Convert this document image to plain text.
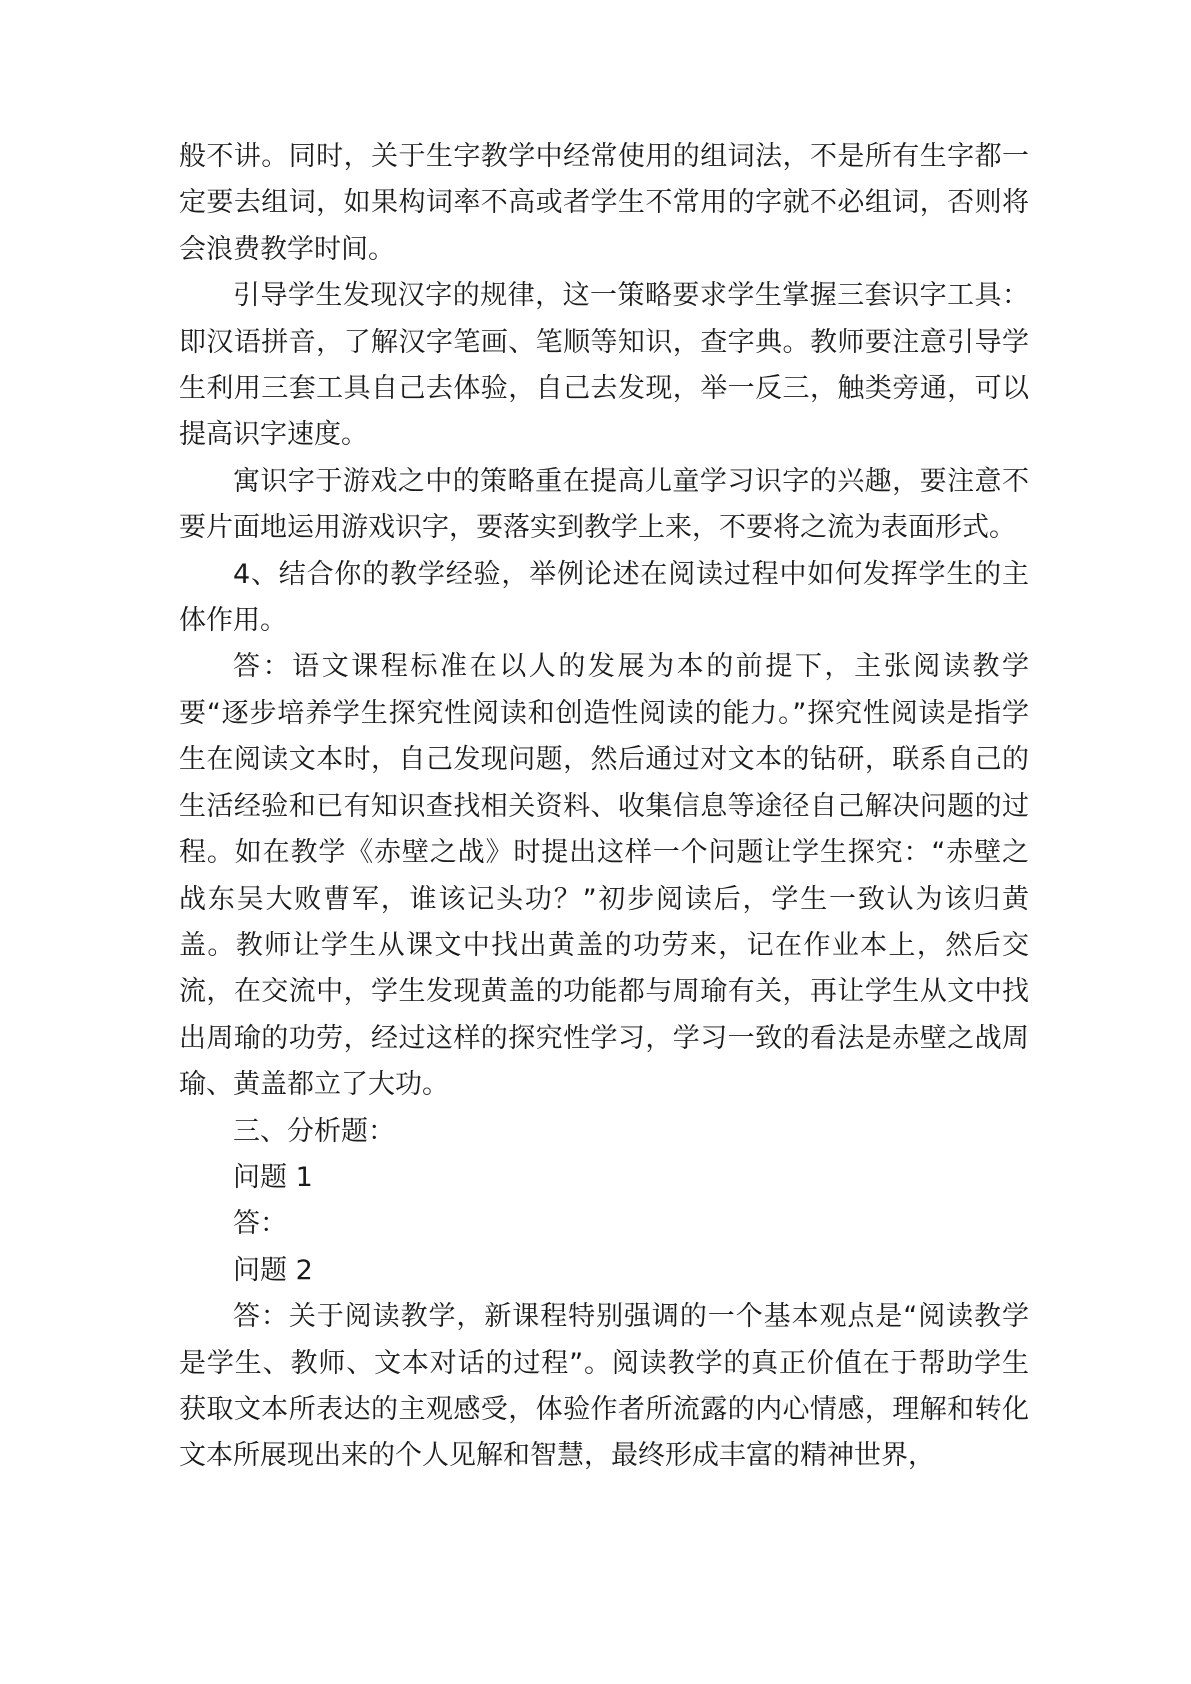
般不讲。同时，关于生字教学中经常使用的组词法，不是所有生字都一定要去组词，如果构词率不高或者学生不常用的字就不必组词，否则将会浪费教学时间。

引导学生发现汉字的规律，这一策略要求学生掌握三套识字工具：即汉语拼音，了解汉字笔画、笔顺等知识，查字典。教师要注意引导学生利用三套工具自己去体验，自己去发现，举一反三，触类旁通，可以提高识字速度。

寓识字于游戏之中的策略重在提高儿童学习识字的兴趣，要注意不要片面地运用游戏识字，要落实到教学上来，不要将之流为表面形式。

4、结合你的教学经验，举例论述在阅读过程中如何发挥学生的主体作用。

答：语文课程标准在以人的发展为本的前提下，主张阅读教学要“逐步培养学生探究性阅读和创造性阅读的能力。”探究性阅读是指学生在阅读文本时，自己发现问题，然后通过对文本的钻研，联系自己的生活经验和已有知识查找相关资料、收集信息等途径自己解决问题的过程。如在教学《赤壁之战》时提出这样一个问题让学生探究：“赤壁之战东吴大败曹军，谁该记头功？”初步阅读后，学生一致认为该归黄盖。教师让学生从课文中找出黄盖的功劳来，记在作业本上，然后交流，在交流中，学生发现黄盖的功能都与周瑜有关，再让学生从文中找出周瑜的功劳，经过这样的探究性学习，学习一致的看法是赤壁之战周瑜、黄盖都立了大功。

三、分析题：

问题 1

答：

问题 2

答：关于阅读教学，新课程特别强调的一个基本观点是“阅读教学是学生、教师、文本对话的过程”。阅读教学的真正价值在于帮助学生获取文本所表达的主观感受，体验作者所流露的内心情感，理解和转化文本所展现出来的个人见解和智慧，最终形成丰富的精神世界，
